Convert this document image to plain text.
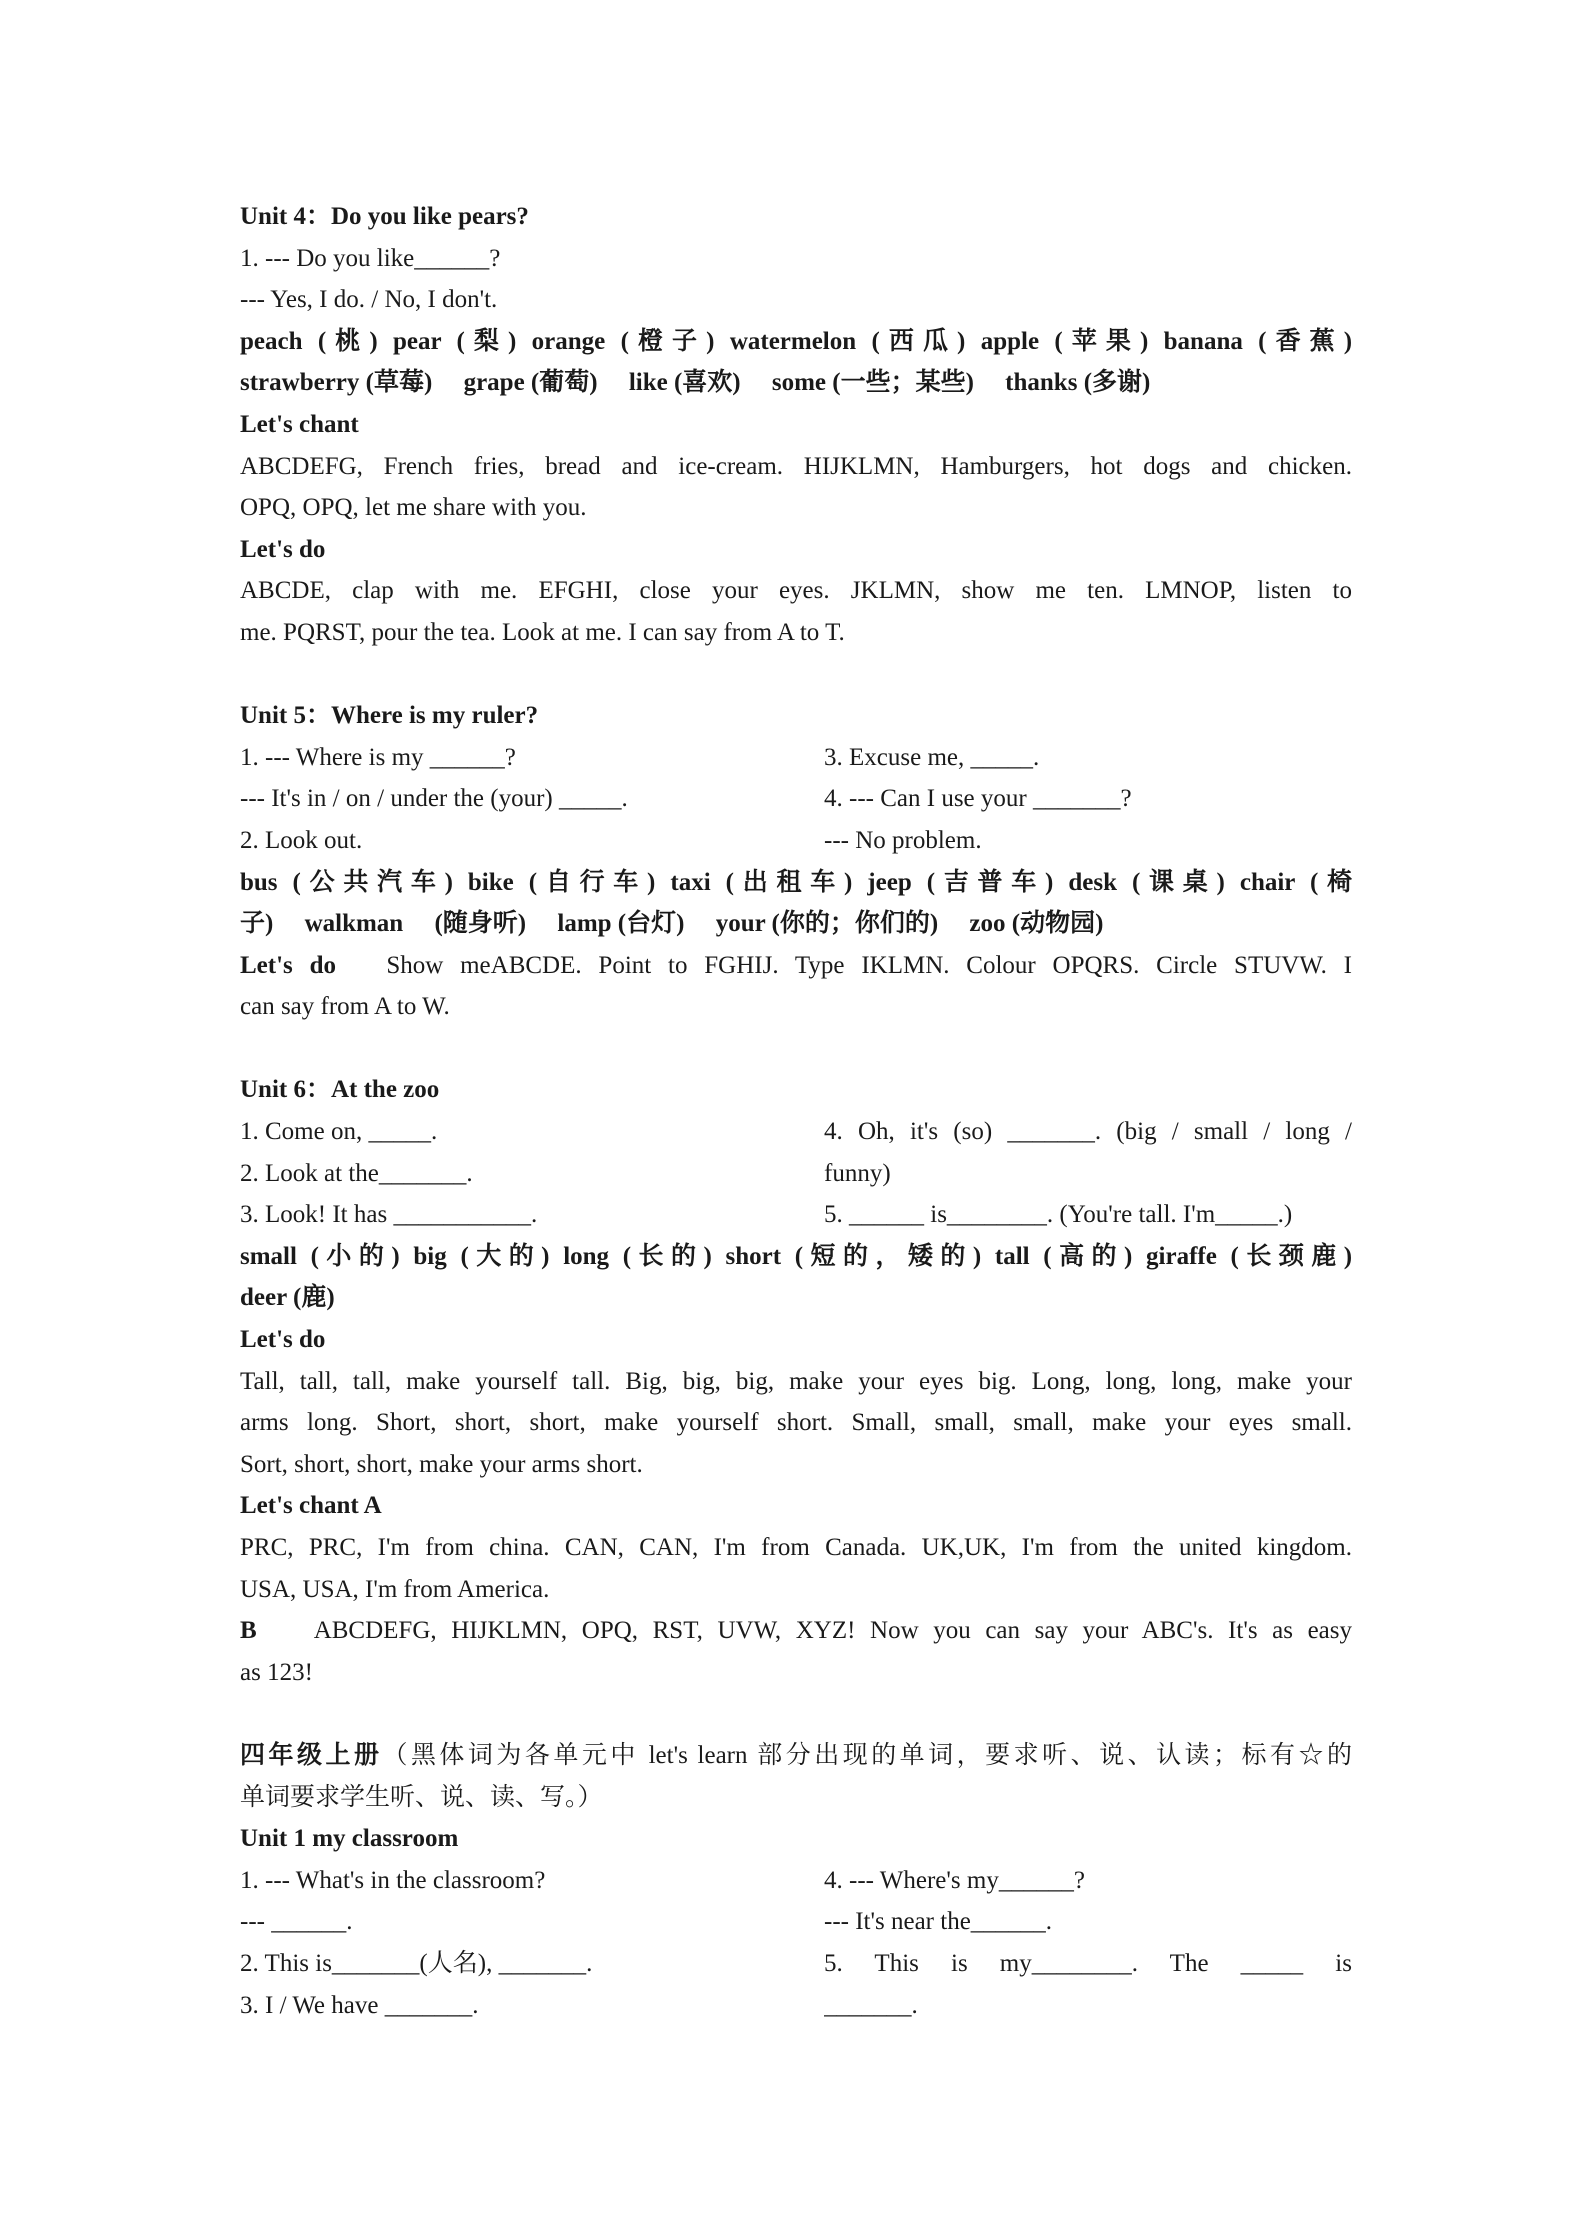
Unit 4：Do you like pears?
1. --- Do you like______?
--- Yes, I do. / No, I don't.
peach (桃) pear (梨) orange (橙子) watermelon (西瓜) apple (苹果) banana (香蕉)
strawberry (草莓) grape (葡萄) like (喜欢) some (一些；某些) thanks (多谢)
Let's chant
ABCDEFG, French fries, bread and ice-cream. HIJKLMN, Hamburgers, hot dogs and chicken.
OPQ, OPQ, let me share with you.
Let's do
ABCDE, clap with me. EFGHI, close your eyes. JKLMN, show me ten. LMNOP, listen to
me. PQRST, pour the tea. Look at me. I can say from A to T.
Unit 5：Where is my ruler?
1. --- Where is my ______?	3. Excuse me, _____.
--- It's in / on / under the (your) _____.	4. --- Can I use your _______?
2. Look out.	--- No problem.
bus (公共汽车) bike (自行车) taxi (出租车) jeep (吉普车) desk (课桌) chair (椅
子) walkman (随身听) lamp (台灯) your (你的；你们的) zoo (动物园)
Let's do Show meABCDE. Point to FGHIJ. Type IKLMN. Colour OPQRS. Circle STUVW. I
can say from A to W.
Unit 6：At the zoo
1. Come on, _____.	4. Oh, it's (so) _______. (big / small / long /
2. Look at the_______.	funny)
3. Look! It has ___________.	5. ______ is________. (You're tall. I'm_____.)
small (小的) big (大的) long (长的) short (短的，矮的) tall (高的) giraffe (长颈鹿)
deer (鹿)
Let's do
Tall, tall, tall, make yourself tall. Big, big, big, make your eyes big. Long, long, long, make your
arms long. Short, short, short, make yourself short. Small, small, small, make your eyes small.
Sort, short, short, make your arms short.
Let's chant A
PRC, PRC, I'm from china. CAN, CAN, I'm from Canada. UK,UK, I'm from the united kingdom.
USA, USA, I'm from America.
B ABCDEFG, HIJKLMN, OPQ, RST, UVW, XYZ! Now you can say your ABC's. It's as easy
as 123!
四年级上册（黑体词为各单元中 let's learn 部分出现的单词，要求听、说、认读；标有☆的
单词要求学生听、说、读、写。）
Unit 1 my classroom
1. --- What's in the classroom?	4. --- Where's my______?
--- ______.	--- It's near the______.
2. This is_______(人名), _______.	5. This is my________. The _____ is
3. I / We have _______.	_______.
